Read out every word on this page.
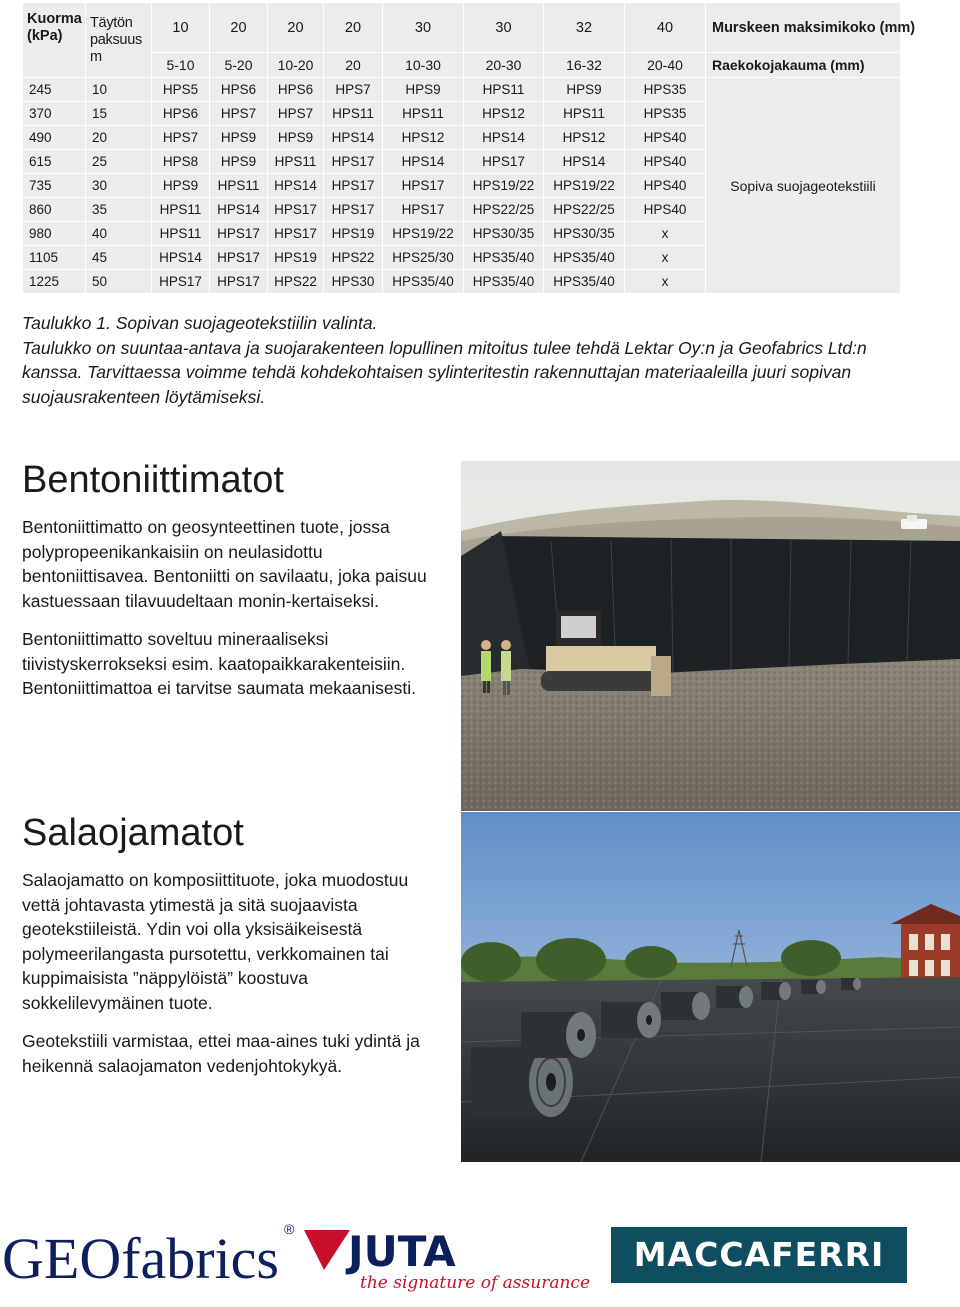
Kuorma (kPa)	Täytön paksuus m	10	20	20	20	30	30	32	40	Murskeen maksimikoko (mm)
		5-10	5-20	10-20	20	10-30	20-30	16-32	20-40	Raekokojakauma (mm)
245	10	HPS5	HPS6	HPS6	HPS7	HPS9	HPS11	HPS9	HPS35	Sopiva suojageotekstiili
370	15	HPS6	HPS7	HPS7	HPS11	HPS11	HPS12	HPS11	HPS35	
490	20	HPS7	HPS9	HPS9	HPS14	HPS12	HPS14	HPS12	HPS40	
615	25	HPS8	HPS9	HPS11	HPS17	HPS14	HPS17	HPS14	HPS40	
735	30	HPS9	HPS11	HPS14	HPS17	HPS17	HPS19/22	HPS19/22	HPS40	
860	35	HPS11	HPS14	HPS17	HPS17	HPS17	HPS22/25	HPS22/25	HPS40	
980	40	HPS11	HPS17	HPS17	HPS19	HPS19/22	HPS30/35	HPS30/35	x	
1105	45	HPS14	HPS17	HPS19	HPS22	HPS25/30	HPS35/40	HPS35/40	x	
1225	50	HPS17	HPS17	HPS22	HPS30	HPS35/40	HPS35/40	HPS35/40	x	

Taulukko 1. Sopivan suojageotekstiilin valinta.

Taulukko on suuntaa-antava ja suojarakenteen lopullinen mitoitus tulee tehdä Lektar Oy:n ja Geofabrics Ltd:n kanssa. Tarvittaessa voimme tehdä kohdekohtaisen sylinteritestin rakennuttajan materiaaleilla juuri sopivan suojausrakenteen löytämiseksi.

Bentoniittimatot

Bentoniittimatto on geosynteettinen tuote, jossa polypropeenikankaisiin on neulasidottu bentoniittisavea. Bentoniitti on savilaatu, joka paisuu kastuessaan tilavuudeltaan monin-kertaiseksi.

Bentoniittimatto soveltuu mineraaliseksi tiivistyskerrokseksi esim. kaatopaikkarakenteisiin. Bentoniittimattoa ei tarvitse saumata mekaanisesti.

Salaojamatot

Salaojamatto on komposiittituote, joka muodostuu vettä johtavasta ytimestä ja sitä suojaavista geotekstiileistä. Ydin voi olla yksisäikeisestä polymeerilangasta pursotettu, verkkomainen tai kuppimaisista ”näppylöistä” koostuva sokkelilevymäinen tuote.

Geotekstiili varmistaa, ettei maa-aines tuki ydintä ja heikennä salaojamaton vedenjohtokykyä.

GEOfabrics ® JUTA
the signature of assurance
MACCAFERRI
